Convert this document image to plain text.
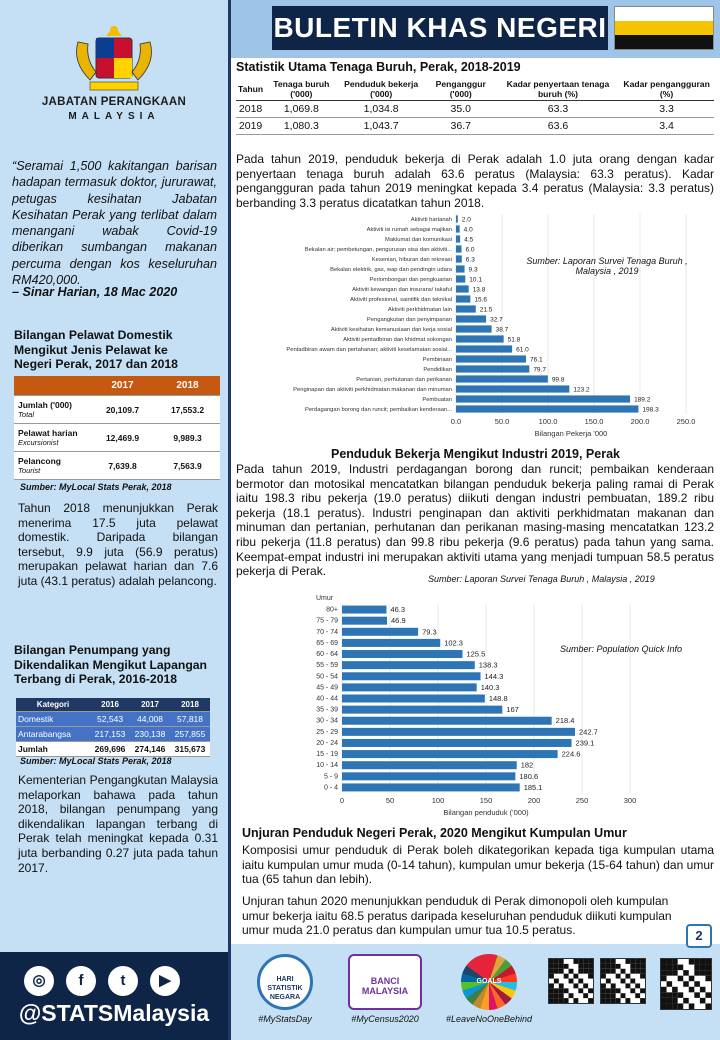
BULETIN KHAS NEGERI
JABATAN PERANGKAAN
MALAYSIA
“Seramai 1,500 kakitangan barisan hadapan termasuk doktor, jururawat, petugas kesihatan Jabatan Kesihatan Perak yang terlibat dalam menangani wabak Covid-19 diberikan sumbangan makanan percuma dengan kos keseluruhan RM420,000.
– Sinar Harian, 18 Mac 2020
Bilangan Pelawat Domestik Mengikut Jenis Pelawat ke Negeri Perak, 2017 dan 2018
	2017	2018

Jumlah ('000)
Total	20,109.7	17,553.2

Pelawat harian
Excursionist	12,469.9	9,989.3

Pelancong
Tourist	7,639.8	7,563.9
Sumber: MyLocal Stats Perak, 2018
Tahun 2018 menunjukkan Perak menerima 17.5 juta pelawat domestik. Daripada bilangan tersebut, 9.9 juta (56.9 peratus) merupakan pelawat harian dan 7.6 juta (43.1 peratus) adalah pelancong.
Bilangan Penumpang yang Dikendalikan Mengikut Lapangan Terbang di Perak, 2016-2018
Kategori	2016	2017	2018
Domestik	52,543	44,008	57,818
Antarabangsa	217,153	230,138	257,855
Jumlah	269,696	274,146	315,673
Sumber: MyLocal Stats Perak, 2018
Kementerian Pengangkutan Malaysia melaporkan bahawa pada tahun 2018, bilangan penumpang yang dikendalikan lapangan terbang di Perak telah meningkat kepada 0.31 juta berbanding 0.27 juta pada tahun 2017.
◎	f	t	▶
@STATSMalaysia
Statistik Utama Tenaga Buruh, Perak, 2018-2019
Tahun	Tenaga buruh ('000)	Penduduk bekerja ('000)	Penganggur ('000)	Kadar penyertaan tenaga buruh (%)	Kadar pengangguran (%)
2018	1,069.8	1,034.8	35.0	63.3	3.3
2019	1,080.3	1,043.7	36.7	63.6	3.4
Pada tahun 2019, penduduk bekerja di Perak adalah 1.0 juta orang dengan kadar penyertaan tenaga buruh adalah 63.6 peratus (Malaysia: 63.3 peratus). Kadar pengangguran pada tahun 2019 meningkat kepada 3.4 peratus (Malaysia: 3.3 peratus) berbanding 3.3 peratus dicatatkan tahun 2018.
0.0	50.0	100.0	150.0	200.0	250.0
Aktiviti hartanah 2.0
Aktiviti isi rumah sebagai majikan 4.0
Maklumat dan komunikasi 4.5
Bekalan air; pembetungan, pengurusan sisa dan aktiviti... 6.0
Kesenian, hiburan dan rekreasi 6.3
Bekalan elektrik, gas, wap dan pendingin udara	9.3
Perlombongan dan pengkuarian	10.1
Aktiviti kewangan dan insurans/ takaful	13.8
Aktiviti profesional, saintifik dan teknikal	15.6
Aktiviti perkhidmatan lain	21.5
Pengangkutan dan penyimpanan	32.7
Aktiviti kesihatan kemanusiaan dan kerja sosial	38.7
Aktiviti pentadbiran dan khidmat sokongan	51.8
Pentadbiran awam dan pertahanan; aktiviti keselamatan sosial...	61.0
Pembinaan	76.1
Pendidikan	79.7
Pertanian, perhutanan dan perikanan	99.8
Penginapan dan aktiviti perkhidmatan makanan dan minuman	123.2
Pembuatan	189.2
Perdagangan borong dan runcit; pembaikan kenderaan...	198.3
Bilangan Pekerja '000
Sumber: Laporan Survei Tenaga Buruh , Malaysia , 2019
Penduduk Bekerja Mengikut Industri 2019, Perak
Pada tahun 2019, Industri perdagangan borong dan runcit; pembaikan kenderaan bermotor dan motosikal mencatatkan bilangan penduduk bekerja paling ramai di Perak iaitu 198.3 ribu pekerja (19.0 peratus) diikuti dengan industri pembuatan, 189.2 ribu pekerja (18.1 peratus). Industri penginapan dan aktiviti perkhidmatan makanan dan minuman dan pertanian, perhutanan dan perikanan masing-masing mencatatkan 123.2 ribu pekerja (11.8 peratus) dan 99.8 ribu pekerja (9.6 peratus) pada tahun yang sama. Keempat-empat industri ini merupakan aktiviti utama yang menjadi tumpuan 58.5 peratus pekerja di Perak.
Sumber: Laporan Survei Tenaga Buruh , Malaysia , 2019
0	50	100	150	200	250	300
80+	46.3
75 - 79	46.9
70 - 74	79.3
65 - 69	102.3
60 - 64	125.5
55 - 59	138.3
50 - 54	144.3
45 - 49	140.3
40 - 44	148.8
35 - 39	167
30 - 34	218.4
25 - 29	242.7
20 - 24	239.1
15 - 19	224.6
10 - 14	182
5 - 9	180.6
0 - 4	185.1
Bilangan penduduk ('000)
Umur
Sumber: Population Quick Info
Unjuran Penduduk Negeri Perak, 2020 Mengikut Kumpulan Umur
Komposisi umur penduduk di Perak boleh dikategorikan kepada tiga kumpulan utama iaitu kumpulan umur muda (0-14 tahun), kumpulan umur bekerja (15-64 tahun) dan umur tua (65 tahun dan lebih).
Unjuran tahun 2020 menunjukkan penduduk di Perak dimonopoli oleh kumpulan umur bekerja iaitu 68.5 peratus daripada keseluruhan penduduk diikuti kumpulan umur muda 21.0 peratus dan kumpulan umur tua 10.5 peratus.	2
HARI STATISTIK NEGARA
#MyStatsDay
BANCI MALAYSIA
#MyCensus2020
GOALS
#LeaveNoOneBehind
